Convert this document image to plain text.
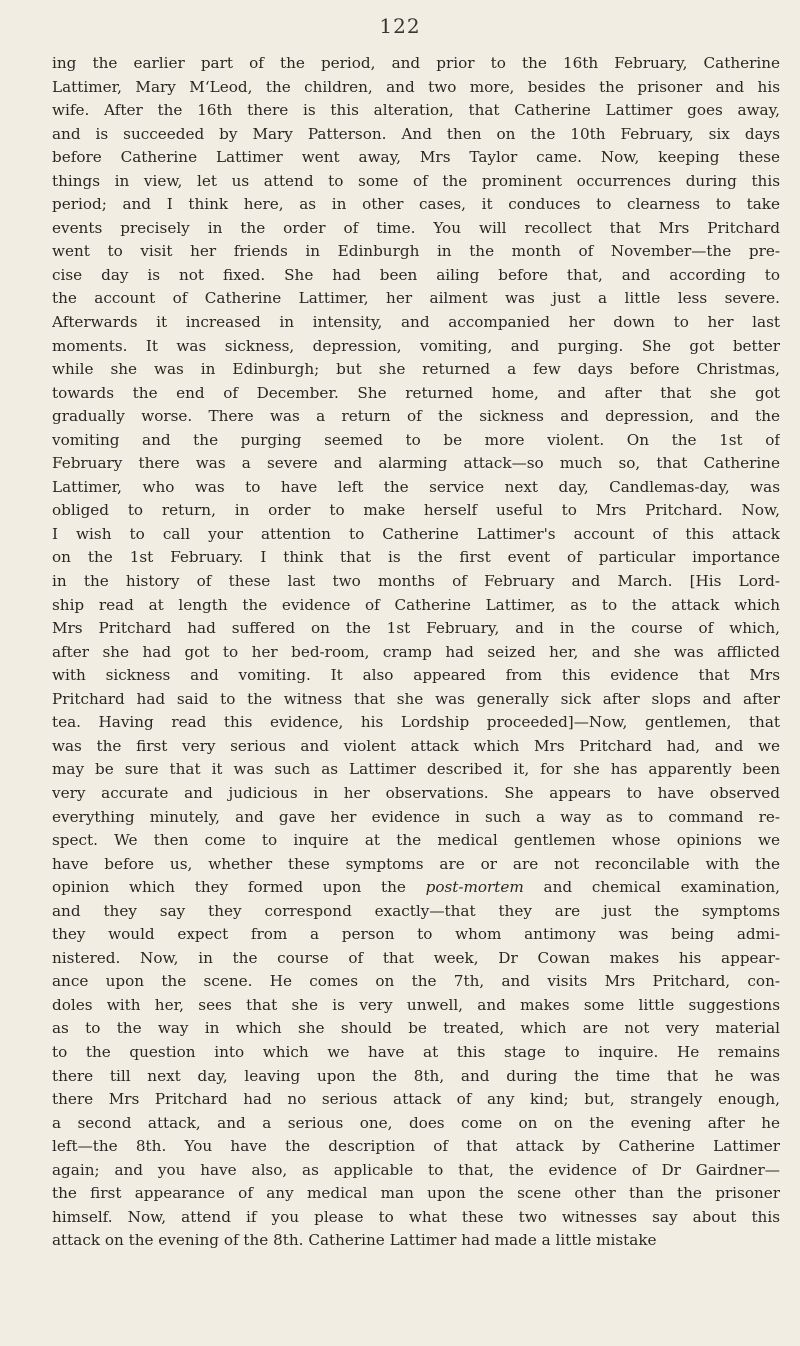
122
ing the earlier part of the period, and prior to the 16th February, Catherine
Lattimer, Mary M‘Leod, the children, and two more, besides the prisoner and his
wife. After the 16th there is this alteration, that Catherine Lattimer goes away,
and is succeeded by Mary Patterson. And then on the 10th February, six days
before Catherine Lattimer went away, Mrs Taylor came. Now, keeping these
things in view, let us attend to some of the prominent occurrences during this
period; and I think here, as in other cases, it conduces to clearness to take
events precisely in the order of time. You will recollect that Mrs Pritchard
went to visit her friends in Edinburgh in the month of November—the pre-
cise day is not fixed. She had been ailing before that, and according to
the account of Catherine Lattimer, her ailment was just a little less severe.
Afterwards it increased in intensity, and accompanied her down to her last
moments. It was sickness, depression, vomiting, and purging. She got better
while she was in Edinburgh; but she returned a few days before Christmas,
towards the end of December. She returned home, and after that she got
gradually worse. There was a return of the sickness and depression, and the
vomiting and the purging seemed to be more violent. On the 1st of
February there was a severe and alarming attack—so much so, that Catherine
Lattimer, who was to have left the service next day, Candlemas-day, was
obliged to return, in order to make herself useful to Mrs Pritchard. Now,
I wish to call your attention to Catherine Lattimer's account of this attack
on the 1st February. I think that is the first event of particular importance
in the history of these last two months of February and March. [His Lord-
ship read at length the evidence of Catherine Lattimer, as to the attack which
Mrs Pritchard had suffered on the 1st February, and in the course of which,
after she had got to her bed-room, cramp had seized her, and she was afflicted
with sickness and vomiting. It also appeared from this evidence that Mrs
Pritchard had said to the witness that she was generally sick after slops and after
tea. Having read this evidence, his Lordship proceeded]—Now, gentlemen, that
was the first very serious and violent attack which Mrs Pritchard had, and we
may be sure that it was such as Lattimer described it, for she has apparently been
very accurate and judicious in her observations. She appears to have observed
everything minutely, and gave her evidence in such a way as to command re-
spect. We then come to inquire at the medical gentlemen whose opinions we
have before us, whether these symptoms are or are not reconcilable with the
opinion which they formed upon the post-mortem and chemical examination,
and they say they correspond exactly—that they are just the symptoms
they would expect from a person to whom antimony was being admi-
nistered. Now, in the course of that week, Dr Cowan makes his appear-
ance upon the scene. He comes on the 7th, and visits Mrs Pritchard, con-
doles with her, sees that she is very unwell, and makes some little suggestions
as to the way in which she should be treated, which are not very material
to the question into which we have at this stage to inquire. He remains
there till next day, leaving upon the 8th, and during the time that he was
there Mrs Pritchard had no serious attack of any kind; but, strangely enough,
a second attack, and a serious one, does come on on the evening after he
left—the 8th. You have the description of that attack by Catherine Lattimer
again; and you have also, as applicable to that, the evidence of Dr Gairdner—
the first appearance of any medical man upon the scene other than the prisoner
himself. Now, attend if you please to what these two witnesses say about this
attack on the evening of the 8th. Catherine Lattimer had made a little mistake
